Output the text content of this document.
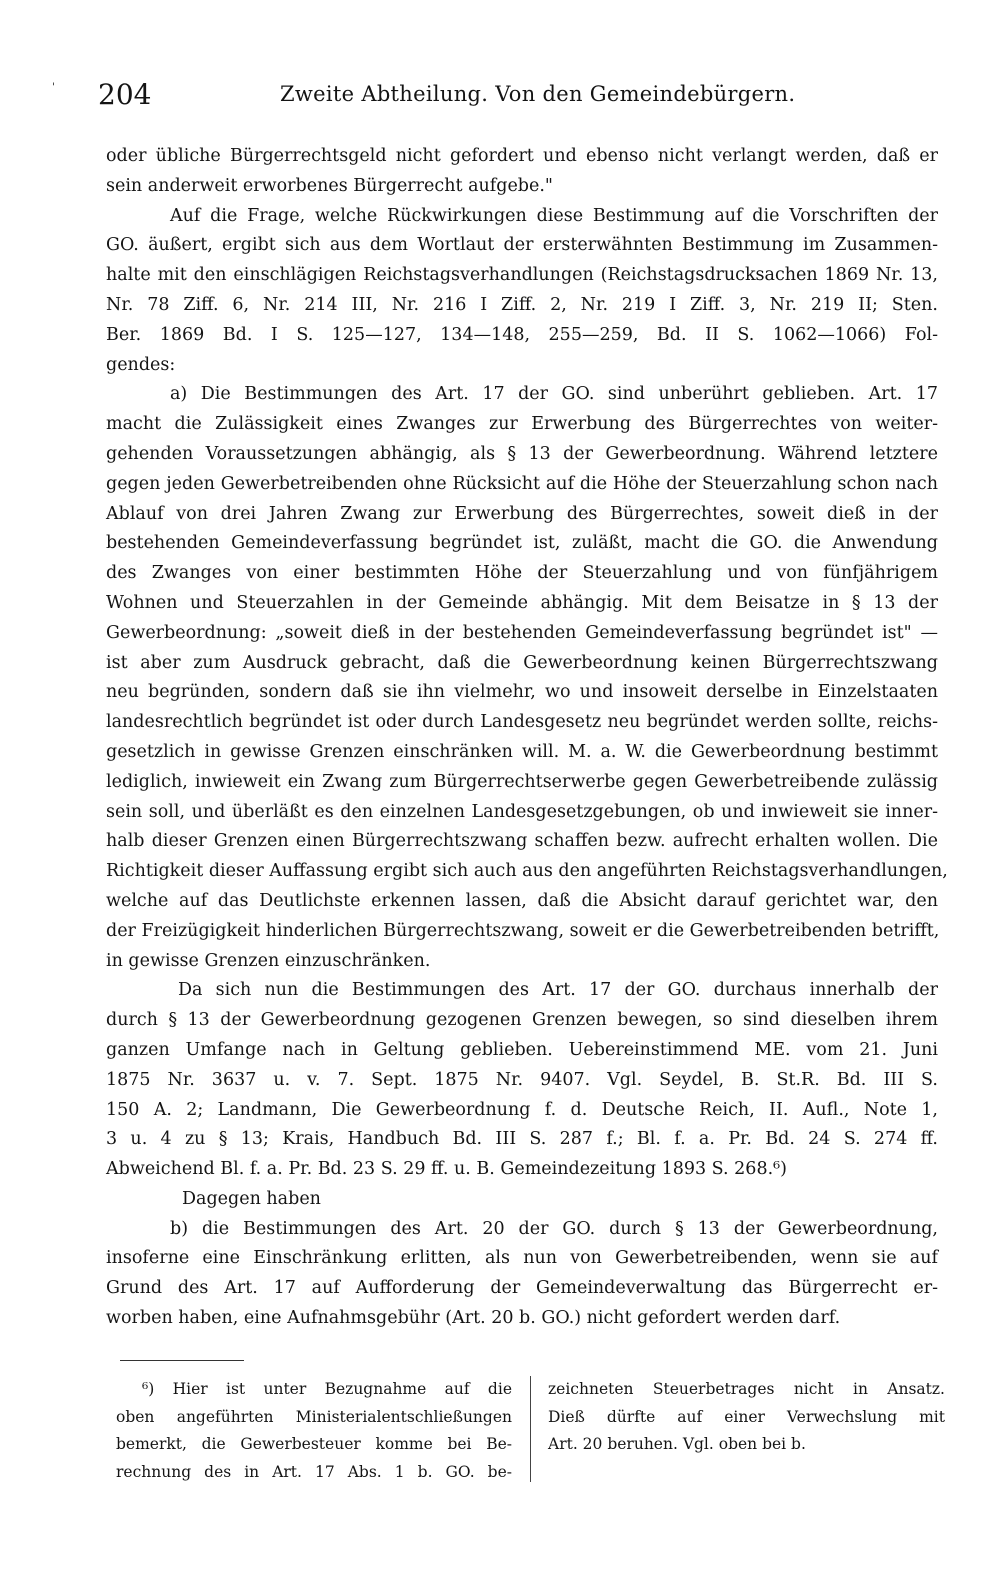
' 204	Zweite Abtheilung. Von den Gemeindebürgern.
oder übliche Bürgerrechtsgeld nicht gefordert und ebenso nicht verlangt werden, daß er
sein anderweit erworbenes Bürgerrecht aufgebe."
Auf die Frage, welche Rückwirkungen diese Bestimmung auf die Vorschriften der
GO. äußert, ergibt sich aus dem Wortlaut der ersterwähnten Bestimmung im Zusammen-
halte mit den einschlägigen Reichstagsverhandlungen (Reichstagsdrucksachen 1869 Nr. 13,
Nr. 78 Ziff. 6, Nr. 214 III, Nr. 216 I Ziff. 2, Nr. 219 I Ziff. 3, Nr. 219 II; Sten.
Ber. 1869 Bd. I S. 125—127, 134—148, 255—259, Bd. II S. 1062—1066) Fol-
gendes:
a) Die Bestimmungen des Art. 17 der GO. sind unberührt geblieben. Art. 17
macht die Zulässigkeit eines Zwanges zur Erwerbung des Bürgerrechtes von weiter-
gehenden Voraussetzungen abhängig, als § 13 der Gewerbeordnung. Während letztere
gegen jeden Gewerbetreibenden ohne Rücksicht auf die Höhe der Steuerzahlung schon nach
Ablauf von drei Jahren Zwang zur Erwerbung des Bürgerrechtes, soweit dieß in der
bestehenden Gemeindeverfassung begründet ist, zuläßt, macht die GO. die Anwendung
des Zwanges von einer bestimmten Höhe der Steuerzahlung und von fünfjährigem
Wohnen und Steuerzahlen in der Gemeinde abhängig. Mit dem Beisatze in § 13 der
Gewerbeordnung: „soweit dieß in der bestehenden Gemeindeverfassung begründet ist" —
ist aber zum Ausdruck gebracht, daß die Gewerbeordnung keinen Bürgerrechtszwang
neu begründen, sondern daß sie ihn vielmehr, wo und insoweit derselbe in Einzelstaaten
landesrechtlich begründet ist oder durch Landesgesetz neu begründet werden sollte, reichs-
gesetzlich in gewisse Grenzen einschränken will. M. a. W. die Gewerbeordnung bestimmt
lediglich, inwieweit ein Zwang zum Bürgerrechtserwerbe gegen Gewerbetreibende zulässig
sein soll, und überläßt es den einzelnen Landesgesetzgebungen, ob und inwieweit sie inner-
halb dieser Grenzen einen Bürgerrechtszwang schaffen bezw. aufrecht erhalten wollen. Die
Richtigkeit dieser Auffassung ergibt sich auch aus den angeführten Reichstagsverhandlungen,
welche auf das Deutlichste erkennen lassen, daß die Absicht darauf gerichtet war, den
der Freizügigkeit hinderlichen Bürgerrechtszwang, soweit er die Gewerbetreibenden betrifft,
in gewisse Grenzen einzuschränken.
Da sich nun die Bestimmungen des Art. 17 der GO. durchaus innerhalb der
durch § 13 der Gewerbeordnung gezogenen Grenzen bewegen, so sind dieselben ihrem
ganzen Umfange nach in Geltung geblieben. Uebereinstimmend ME. vom 21. Juni
1875 Nr. 3637 u. v. 7. Sept. 1875 Nr. 9407. Vgl. Seydel, B. St.R. Bd. III S.
150 A. 2; Landmann, Die Gewerbeordnung f. d. Deutsche Reich, II. Aufl., Note 1,
3 u. 4 zu § 13; Krais, Handbuch Bd. III S. 287 f.; Bl. f. a. Pr. Bd. 24 S. 274 ff.
Abweichend Bl. f. a. Pr. Bd. 23 S. 29 ff. u. B. Gemeindezeitung 1893 S. 268.⁶)
Dagegen haben
b) die Bestimmungen des Art. 20 der GO. durch § 13 der Gewerbeordnung,
insoferne eine Einschränkung erlitten, als nun von Gewerbetreibenden, wenn sie auf
Grund des Art. 17 auf Aufforderung der Gemeindeverwaltung das Bürgerrecht er-
worben haben, eine Aufnahmsgebühr (Art. 20 b. GO.) nicht gefordert werden darf.
⁶) Hier ist unter Bezugnahme auf die
oben angeführten Ministerialentschließungen
bemerkt, die Gewerbesteuer komme bei Be-
rechnung des in Art. 17 Abs. 1 b. GO. be-
zeichneten Steuerbetrages nicht in Ansatz.
Dieß dürfte auf einer Verwechslung mit
Art. 20 beruhen. Vgl. oben bei b.
